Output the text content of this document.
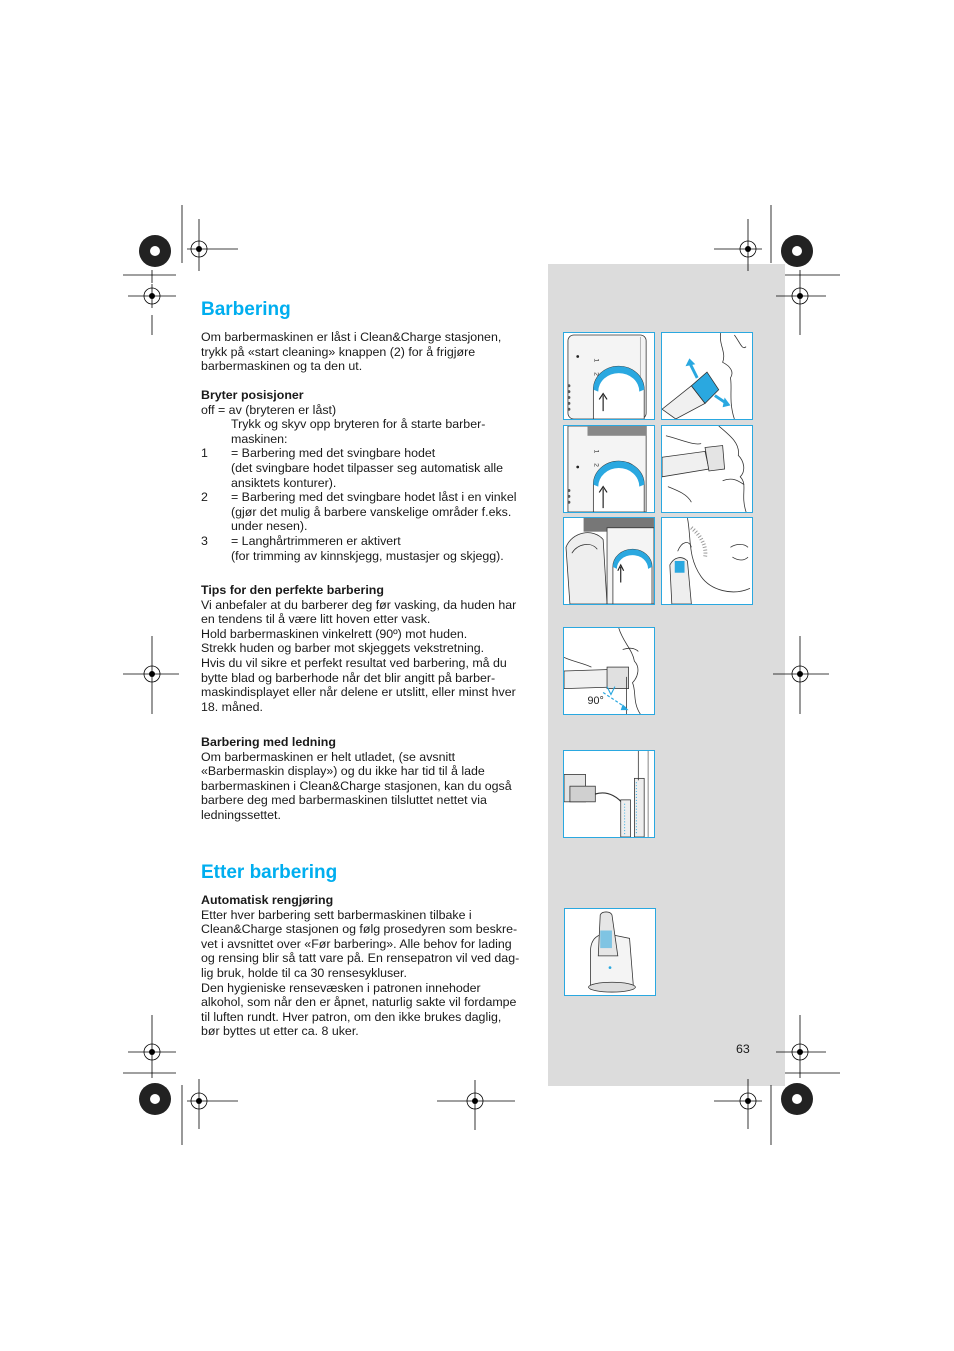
Barbering
Om barbermaskinen er låst i Clean&Charge stasjonen,
trykk på «start cleaning» knappen (2) for å frigjøre
barbermaskinen og ta den ut.
Bryter posisjoner
off = av (bryteren er låst)
Trykk og skyv opp bryteren for å starte barber-
maskinen:
1	= Barbering med det svingbare hodet
(det svingbare hodet tilpasser seg automatisk alle
ansiktets konturer).
2	= Barbering med det svingbare hodet låst i en vinkel
(gjør det mulig å barbere vanskelige områder f.eks.
under nesen).
3	= Langhårtrimmeren er aktivert
(for trimming av kinnskjegg, mustasjer og skjegg).
Tips for den perfekte barbering
Vi anbefaler at du barberer deg før vasking, da huden har
en tendens til å være litt hoven etter vask.
Hold barbermaskinen vinkelrett (90º) mot huden.
Strekk huden og barber mot skjeggets vekstretning.
Hvis du vil sikre et perfekt resultat ved barbering, må du
bytte blad og barberhode når det blir angitt på barber-
maskindisplayet eller når delene er utslitt, eller minst hver
18. måned.
Barbering med ledning
Om barbermaskinen er helt utladet, (se avsnitt
«Barbermaskin display») og du ikke har tid til å lade
barbermaskinen i Clean&Charge stasjonen, kan du også
barbere deg med barbermaskinen tilsluttet nettet via
ledningssettet.
Etter barbering
Automatisk rengjøring
Etter hver barbering sett barbermaskinen tilbake i
Clean&Charge stasjonen og følg prosedyren som beskre-
vet i avsnittet over «Før barbering». Alle behov for lading
og rensing blir så tatt vare på. En rensepatron vil ved dag-
lig bruk, holde til ca 30 rensesykluser.
Den hygieniske rensevæsken i patronen innehoder
alkohol, som når den er åpnet, naturlig sakte vil fordampe
til luften rundt. Hver patron, om den ikke brukes daglig,
bør byttes ut etter ca. 8 uker.
1
2
1
2
90°
63
